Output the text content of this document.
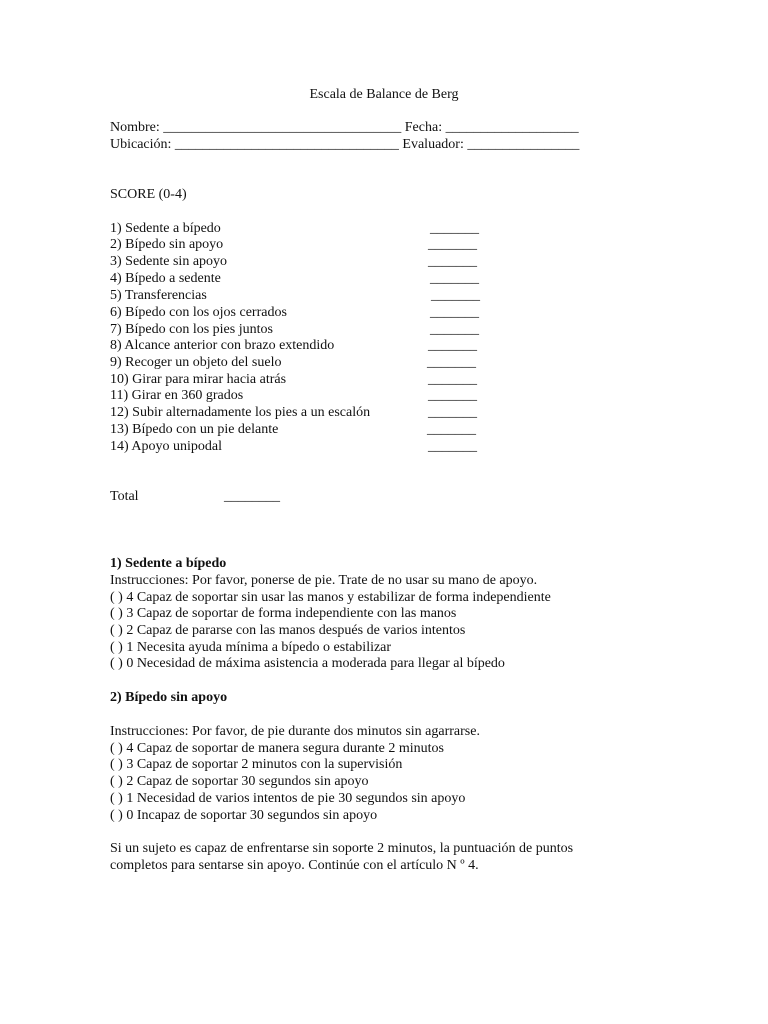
Escala de Balance de Berg
Nombre: __________________________________ Fecha: ___________________
Ubicación: ________________________________ Evaluador: ________________
SCORE (0-4)
1) Sedente a bípedo	_______
2) Bípedo sin apoyo	_______
3) Sedente sin apoyo	_______
4) Bípedo a sedente	_______
5) Transferencias	_______
6) Bípedo con los ojos cerrados	_______
7) Bípedo con los pies juntos	_______
8) Alcance anterior con brazo extendido	_______
9) Recoger un objeto del suelo	_______
10) Girar para mirar hacia atrás	_______
11) Girar en 360 grados	_______
12) Subir alternadamente los pies a un escalón	_______
13) Bípedo con un pie delante	_______
14) Apoyo unipodal	_______
Total	________
1) Sedente a bípedo
Instrucciones: Por favor, ponerse de pie. Trate de no usar su mano de apoyo.
( ) 4 Capaz de soportar sin usar las manos y estabilizar de forma independiente
( ) 3 Capaz de soportar de forma independiente con las manos
( ) 2 Capaz de pararse con las manos después de varios intentos
( ) 1 Necesita ayuda mínima a bípedo o estabilizar
( ) 0 Necesidad de máxima asistencia a moderada para llegar al bípedo
2) Bípedo sin apoyo
Instrucciones: Por favor, de pie durante dos minutos sin agarrarse.
( ) 4 Capaz de soportar de manera segura durante 2 minutos
( ) 3 Capaz de soportar 2 minutos con la supervisión
( ) 2 Capaz de soportar 30 segundos sin apoyo
( ) 1 Necesidad de varios intentos de pie 30 segundos sin apoyo
( ) 0 Incapaz de soportar 30 segundos sin apoyo
Si un sujeto es capaz de enfrentarse sin soporte 2 minutos, la puntuación de puntos
completos para sentarse sin apoyo. Continúe con el artículo N º 4.
